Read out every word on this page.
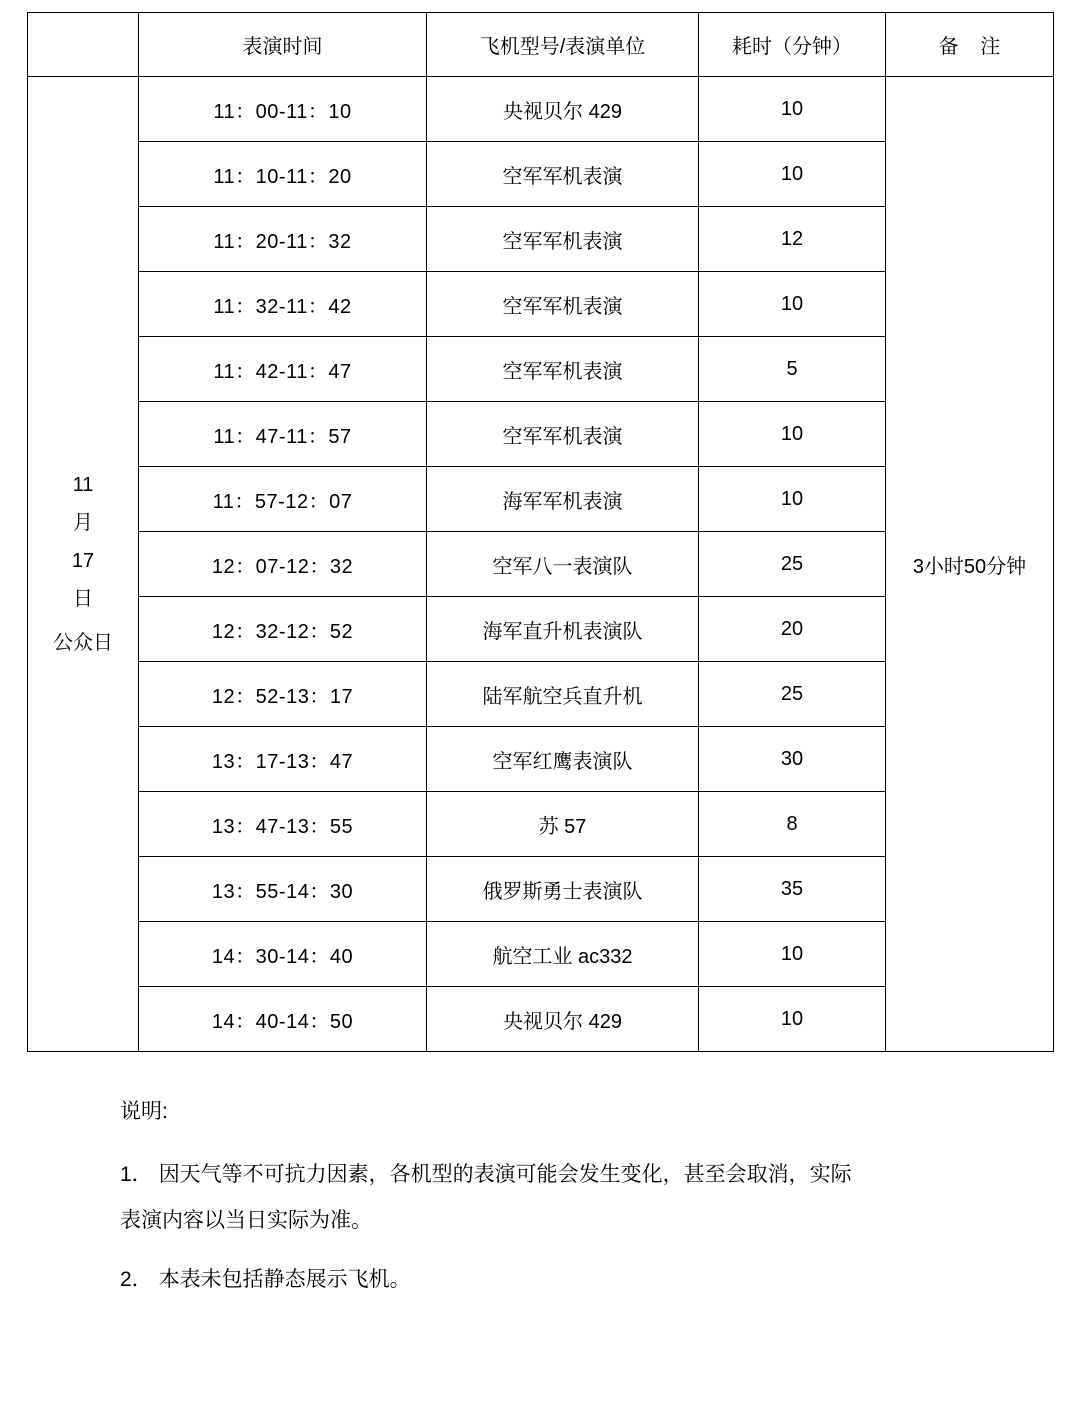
	表演时间	飞机型号/表演单位	耗时（分钟）	备 注

11
月
17
日
公众日	11：00-11：10	央视贝尔 429	10	3小时50分钟
	11：10-11：20	空军军机表演	10	
	11：20-11：32	空军军机表演	12	
	11：32-11：42	空军军机表演	10	
	11：42-11：47	空军军机表演	5	
	11：47-11：57	空军军机表演	10	
	11：57-12：07	海军军机表演	10	
	12：07-12：32	空军八一表演队	25	
	12：32-12：52	海军直升机表演队	20	
	12：52-13：17	陆军航空兵直升机	25	
	13：17-13：47	空军红鹰表演队	30	
	13：47-13：55	苏 57	8	
	13：55-14：30	俄罗斯勇士表演队	35	
	14：30-14：40	航空工业 ac332	10	
	14：40-14：50	央视贝尔 429	10	
说明:
1． 因天气等不可抗力因素，各机型的表演可能会发生变化，甚至会取消，实际
表演内容以当日实际为准。
2． 本表未包括静态展示飞机。
